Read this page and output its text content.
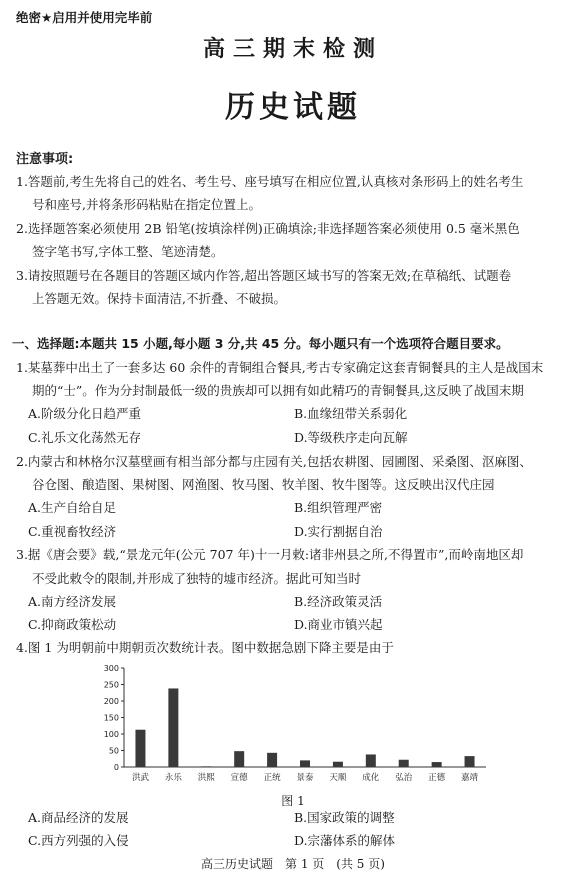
绝密★启用并使用完毕前
高三期末检测
历史试题
注意事项:
1.答题前,考生先将自己的姓名、考生号、座号填写在相应位置,认真核对条形码上的姓名考生
号和座号,并将条形码粘贴在指定位置上。
2.选择题答案必须使用 2B 铅笔(按填涂样例)正确填涂;非选择题答案必须使用 0.5 毫米黑色
签字笔书写,字体工整、笔迹清楚。
3.请按照题号在各题目的答题区域内作答,超出答题区域书写的答案无效;在草稿纸、试题卷
上答题无效。保持卡面清洁,不折叠、不破损。
一、选择题:本题共 15 小题,每小题 3 分,共 45 分。每小题只有一个选项符合题目要求。
1.某墓葬中出土了一套多达 60 余件的青铜组合餐具,考古专家确定这套青铜餐具的主人是战国末
期的“士”。作为分封制最低一级的贵族却可以拥有如此精巧的青铜餐具,这反映了战国末期
A.阶级分化日趋严重	B.血缘纽带关系弱化
C.礼乐文化荡然无存	D.等级秩序走向瓦解
2.内蒙古和林格尔汉墓壁画有相当部分都与庄园有关,包括农耕图、园圃图、采桑图、沤麻图、
谷仓图、酿造图、果树图、网渔图、牧马图、牧羊图、牧牛图等。这反映出汉代庄园
A.生产自给自足	B.组织管理严密
C.重视畜牧经济	D.实行割据自治
3.据《唐会要》载,“景龙元年(公元 707 年)十一月敕:诸非州县之所,不得置市”,而岭南地区却
不受此敕令的限制,并形成了独特的墟市经济。据此可知当时
A.南方经济发展	B.经济政策灵活
C.抑商政策松动	D.商业市镇兴起
4.图 1 为明朝前中期朝贡次数统计表。图中数据急剧下降主要是由于
0
50
100
150
200
250
300
洪武 永乐 洪熙 宣德 正统 景泰 天顺 成化 弘治 正德 嘉靖
图 1
A.商品经济的发展	B.国家政策的调整
C.西方列强的入侵	D.宗藩体系的解体
高三历史试题　第 1 页　(共 5 页)
